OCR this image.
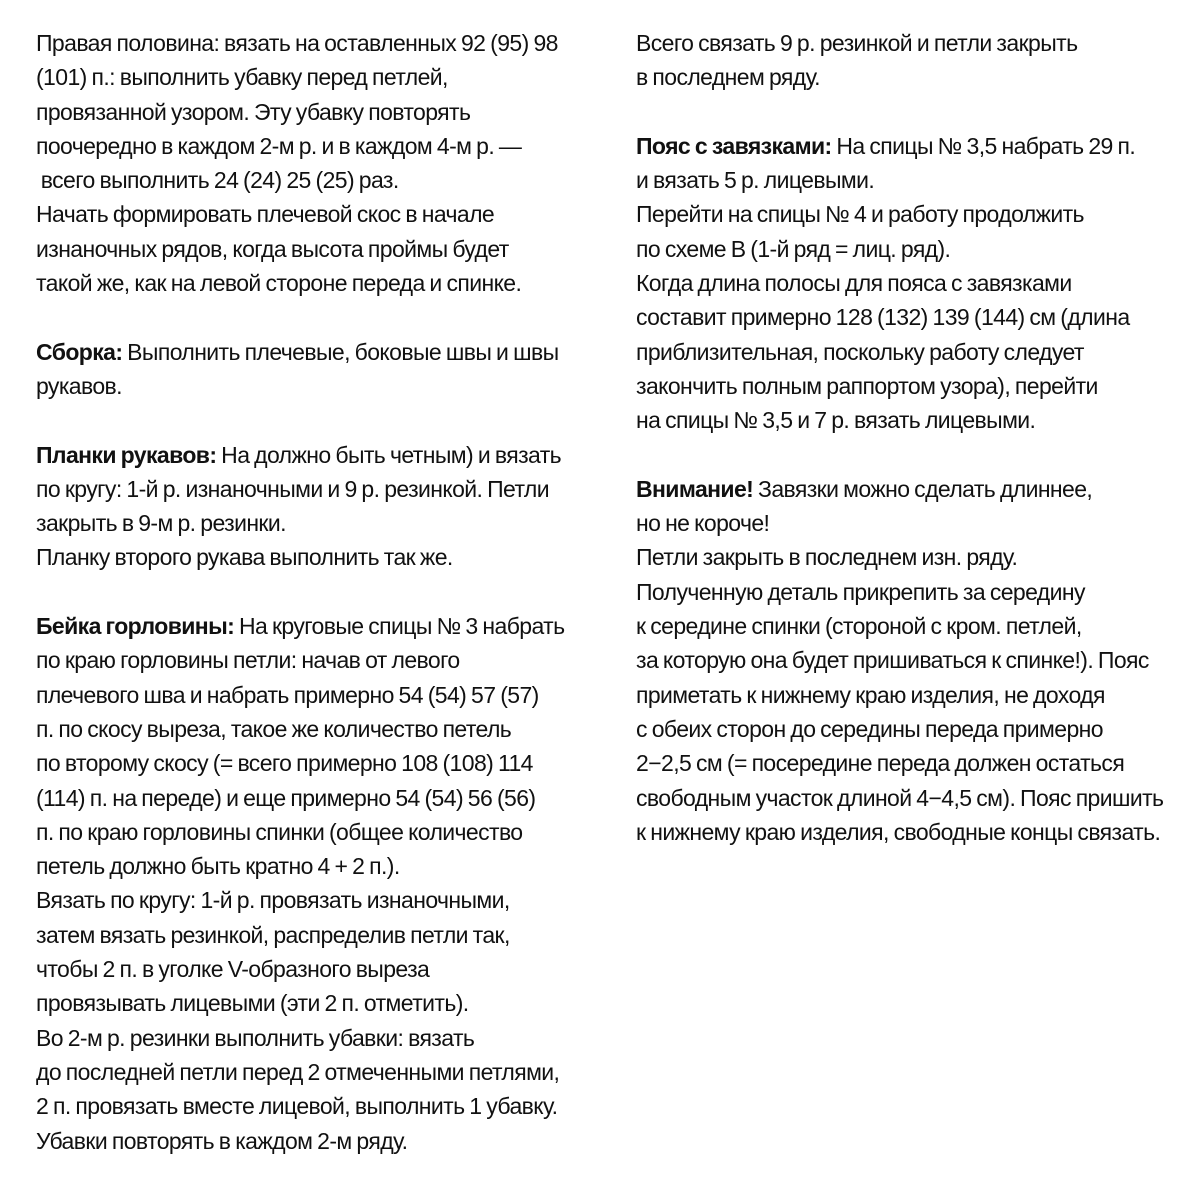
Правая половина: вязать на оставленных 92 (95) 98
(101) п.: выполнить убавку перед петлей,
провязанной узором. Эту убавку повторять
поочередно в каждом 2-м р. и в каждом 4-м р. —
всего выполнить 24 (24) 25 (25) раз.
Начать формировать плечевой скос в начале
изнаночных рядов, когда высота проймы будет
такой же, как на левой стороне переда и спинке.
Сборка: Выполнить плечевые, боковые швы и швы
рукавов.
Планки рукавов: На должно быть четным) и вязать
по кругу: 1-й р. изнаночными и 9 р. резинкой. Петли
закрыть в 9-м р. резинки.
Планку второго рукава выполнить так же.
Бейка горловины: На круговые спицы № 3 набрать
по краю горловины петли: начав от левого
плечевого шва и набрать примерно 54 (54) 57 (57)
п. по скосу выреза, такое же количество петель
по второму скосу (= всего примерно 108 (108) 114
(114) п. на переде) и еще примерно 54 (54) 56 (56)
п. по краю горловины спинки (общее количество
петель должно быть кратно 4 + 2 п.).
Вязать по кругу: 1-й р. провязать изнаночными,
затем вязать резинкой, распределив петли так,
чтобы 2 п. в уголке V-образного выреза
провязывать лицевыми (эти 2 п. отметить).
Во 2-м р. резинки выполнить убавки: вязать
до последней петли перед 2 отмеченными петлями,
2 п. провязать вместе лицевой, выполнить 1 убавку.
Убавки повторять в каждом 2-м ряду.
Всего связать 9 р. резинкой и петли закрыть
в последнем ряду.
Пояс с завязками: На спицы № 3,5 набрать 29 п.
и вязать 5 р. лицевыми.
Перейти на спицы № 4 и работу продолжить
по схеме В (1-й ряд = лиц. ряд).
Когда длина полосы для пояса с завязками
составит примерно 128 (132) 139 (144) см (длина
приблизительная, поскольку работу следует
закончить полным раппортом узора), перейти
на спицы № 3,5 и 7 р. вязать лицевыми.
Внимание! Завязки можно сделать длиннее,
но не короче!
Петли закрыть в последнем изн. ряду.
Полученную деталь прикрепить за середину
к середине спинки (стороной с кром. петлей,
за которую она будет пришиваться к спинке!). Пояс
приметать к нижнему краю изделия, не доходя
с обеих сторон до середины переда примерно
2−2,5 см (= посередине переда должен остаться
свободным участок длиной 4−4,5 см). Пояс пришить
к нижнему краю изделия, свободные концы связать.
